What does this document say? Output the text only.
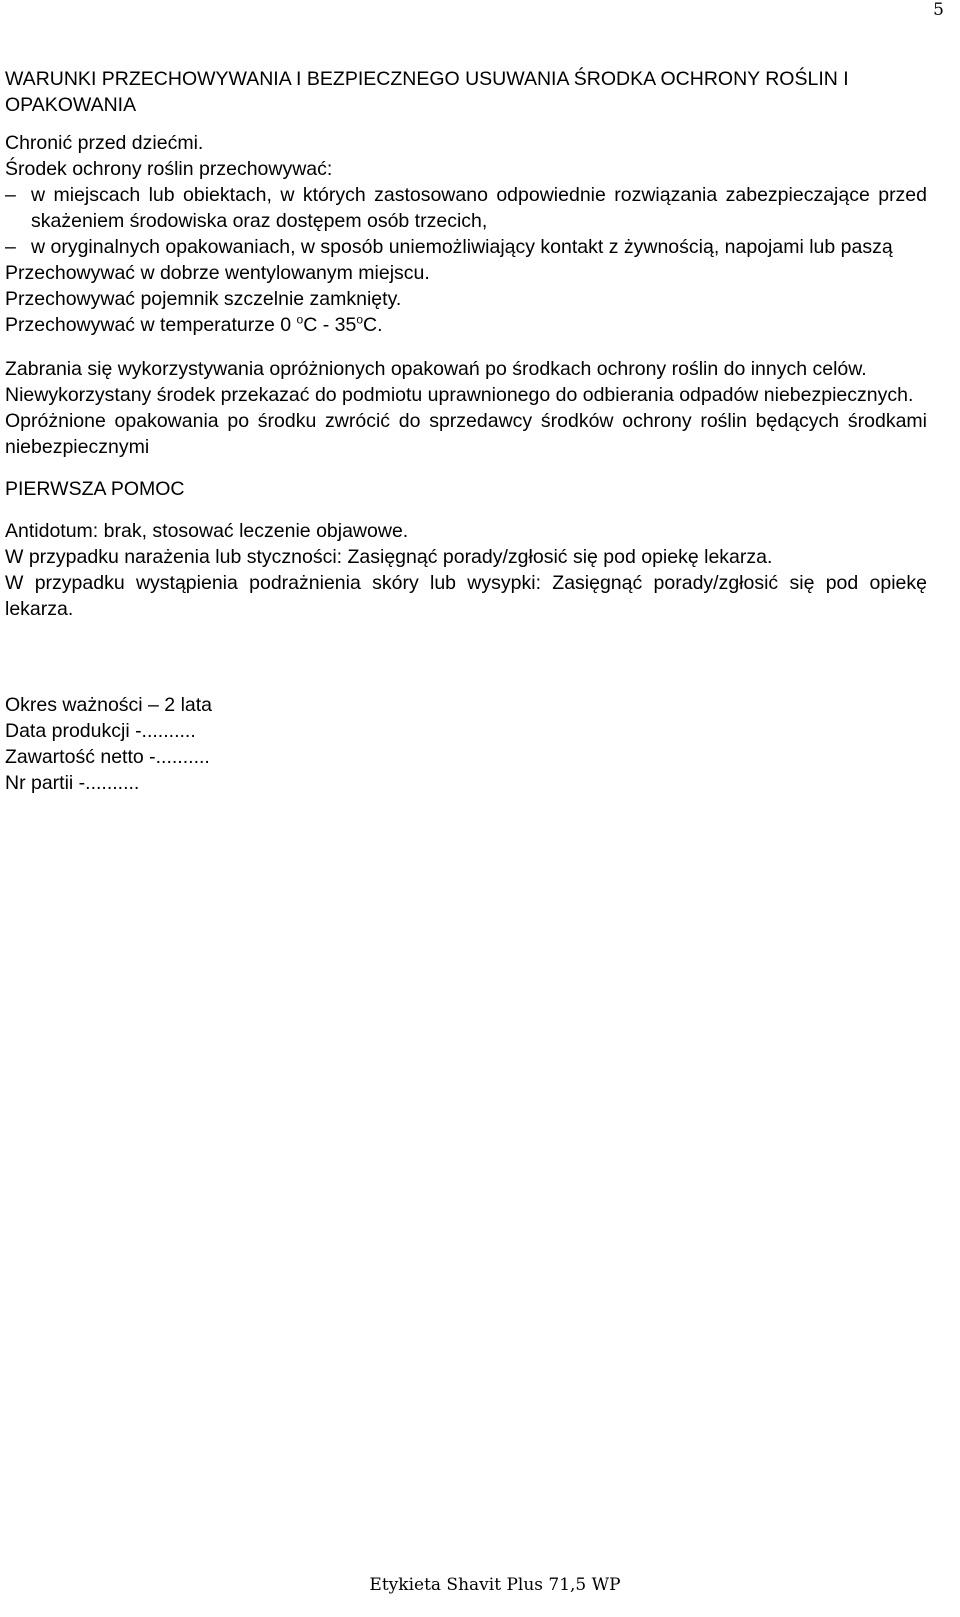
5
WARUNKI PRZECHOWYWANIA I BEZPIECZNEGO USUWANIA ŚRODKA OCHRONY ROŚLIN I OPAKOWANIA

Chronić przed dziećmi.

Środek ochrony roślin przechowywać:

– w miejscach lub obiektach, w których zastosowano odpowiednie rozwiązania zabezpieczające przed skażeniem środowiska oraz dostępem osób trzecich,
– w oryginalnych opakowaniach, w sposób uniemożliwiający kontakt z żywnością, napojami lub paszą

Przechowywać w dobrze wentylowanym miejscu.

Przechowywać pojemnik szczelnie zamknięty.

Przechowywać w temperaturze 0 $^o$C - 35$^o$C.

Zabrania się wykorzystywania opróżnionych opakowań po środkach ochrony roślin do innych celów.

Niewykorzystany środek przekazać do podmiotu uprawnionego do odbierania odpadów niebezpiecznych.

Opróżnione opakowania po środku zwrócić do sprzedawcy środków ochrony roślin będących środkami niebezpiecznymi

PIERWSZA POMOC

Antidotum: brak, stosować leczenie objawowe.

W przypadku narażenia lub styczności: Zasięgnąć porady/zgłosić się pod opiekę lekarza.

W przypadku wystąpienia podrażnienia skóry lub wysypki: Zasięgnąć porady/zgłosić się pod opiekę lekarza.

Okres ważności – 2 lata

Data produkcji -..........

Zawartość netto -..........

Nr partii -..........

Etykieta Shavit Plus 71,5 WP
